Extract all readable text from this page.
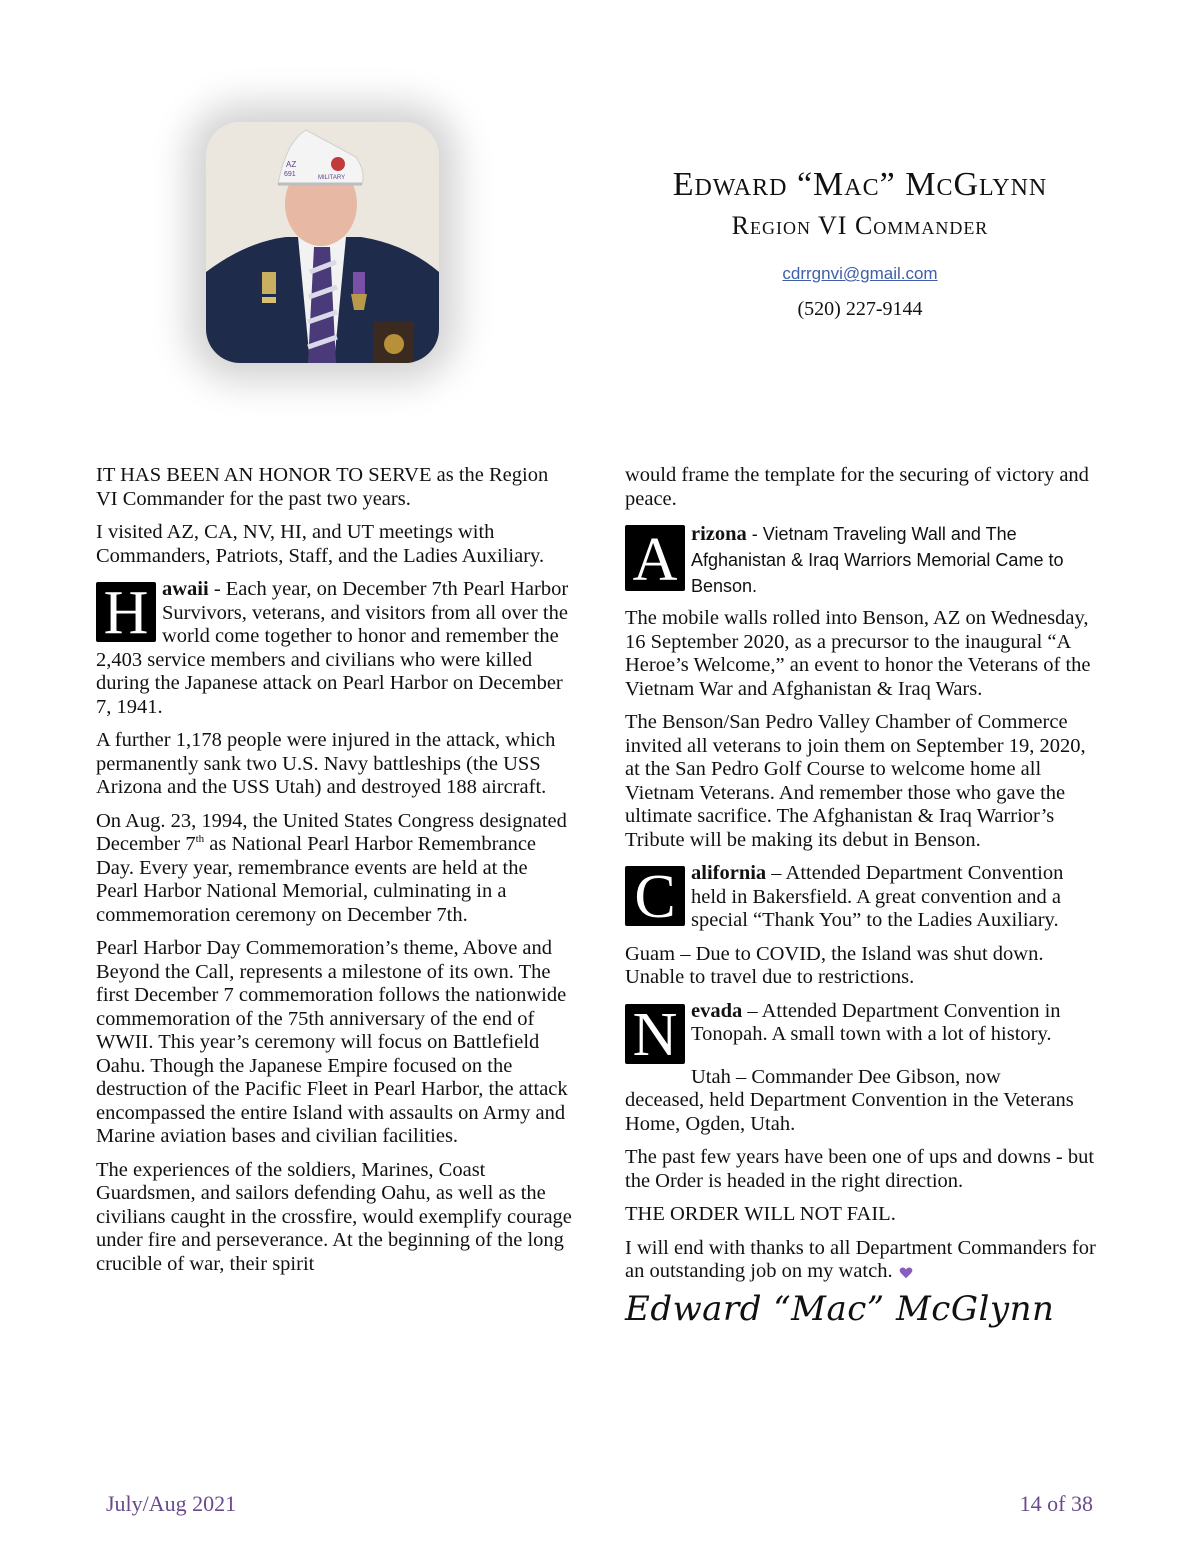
AZ
691	MILITARY	Edward “Mac” McGlynn

Region VI Commander

cdrrgnvi@gmail.com
(520) 227-9144

IT HAS BEEN AN HONOR TO SERVE as the Region VI Commander for the past two years.

I visited AZ, CA, NV, HI, and UT meetings with Commanders, Patriots, Staff, and the Ladies Auxiliary.

H awaii - Each year, on December 7th Pearl Harbor Survivors, veterans, and visitors from all over the world come together to honor and remember the 2,403 service members and civilians who were killed during the Japanese attack on Pearl Harbor on December 7, 1941.

A further 1,178 people were injured in the attack, which permanently sank two U.S. Navy battleships (the USS Arizona and the USS Utah) and destroyed 188 aircraft.

On Aug. 23, 1994, the United States Congress designated December 7th as National Pearl Harbor Remembrance Day. Every year, remembrance events are held at the Pearl Harbor National Memorial, culminating in a commemoration ceremony on December 7th.

Pearl Harbor Day Commemoration’s theme, Above and Beyond the Call, represents a milestone of its own. The first December 7 commemoration follows the nationwide commemoration of the 75th anniversary of the end of WWII. This year’s ceremony will focus on Battlefield Oahu. Though the Japanese Empire focused on the destruction of the Pacific Fleet in Pearl Harbor, the attack encompassed the entire Island with assaults on Army and Marine aviation bases and civilian facilities.

The experiences of the soldiers, Marines, Coast Guardsmen, and sailors defending Oahu, as well as the civilians caught in the crossfire, would exemplify courage under fire and perseverance. At the beginning of the long crucible of war, their spirit

would frame the template for the securing of victory and peace.

A rizona - Vietnam Traveling Wall and The Afghanistan & Iraq Warriors Memorial Came to Benson.

The mobile walls rolled into Benson, AZ on Wednesday, 16 September 2020, as a precursor to the inaugural “A Heroe’s Welcome,” an event to honor the Veterans of the Vietnam War and Afghanistan & Iraq Wars.

The Benson/San Pedro Valley Chamber of Commerce invited all veterans to join them on September 19, 2020, at the San Pedro Golf Course to welcome home all Vietnam Veterans. And remember those who gave the ultimate sacrifice. The Afghanistan & Iraq Warrior’s Tribute will be making its debut in Benson.

C alifornia – Attended Department Convention held in Bakersfield. A great convention and a special “Thank You” to the Ladies Auxiliary.

Guam – Due to COVID, the Island was shut down. Unable to travel due to restrictions.

N evada – Attended Department Convention in Tonopah. A small town with a lot of history.

Utah – Commander Dee Gibson, now
deceased, held Department Convention in the Veterans Home, Ogden, Utah.

The past few years have been one of ups and downs - but the Order is headed in the right direction.

THE ORDER WILL NOT FAIL.

I will end with thanks to all Department Commanders for an outstanding job on my watch.

Edward “Mac” McGlynn
July/Aug 2021	14 of 38
